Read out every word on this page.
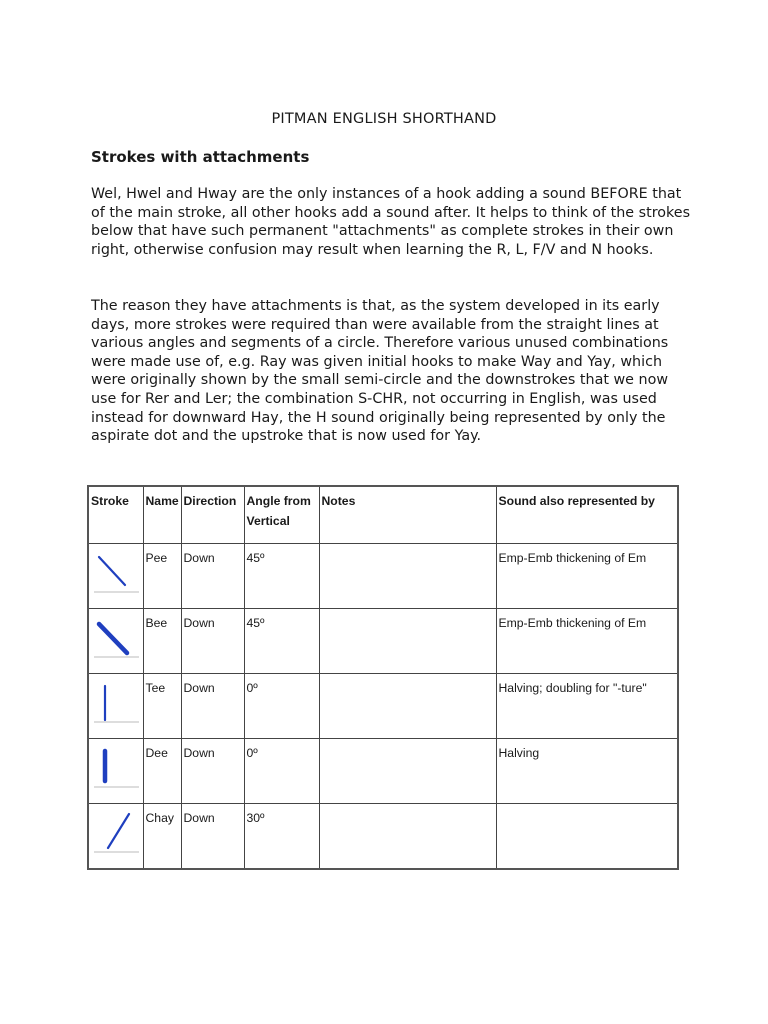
PITMAN ENGLISH SHORTHAND
Strokes with attachments

Wel, Hwel and Hway are the only instances of a hook adding a sound BEFORE that of the main stroke, all other hooks add a sound after. It helps to think of the strokes below that have such permanent "attachments" as complete strokes in their own right, otherwise confusion may result when learning the R, L, F/V and N hooks.

The reason they have attachments is that, as the system developed in its early days, more strokes were required than were available from the straight lines at various angles and segments of a circle. Therefore various unused combinations were made use of, e.g. Ray was given initial hooks to make Way and Yay, which were originally shown by the small semi-circle and the downstrokes that we now use for Rer and Ler; the combination S-CHR, not occurring in English, was used instead for downward Hay, the H sound originally being represented by only the aspirate dot and the upstroke that is now used for Yay.

Stroke	Name	Direction	Angle from Vertical	Notes	Sound also represented by

	Pee	Down	45º		Emp-Emb thickening of Em

	Bee	Down	45º		Emp-Emb thickening of Em

	Tee	Down	0º		Halving; doubling for "-ture"

	Dee	Down	0º		Halving

	Chay	Down	30º		
